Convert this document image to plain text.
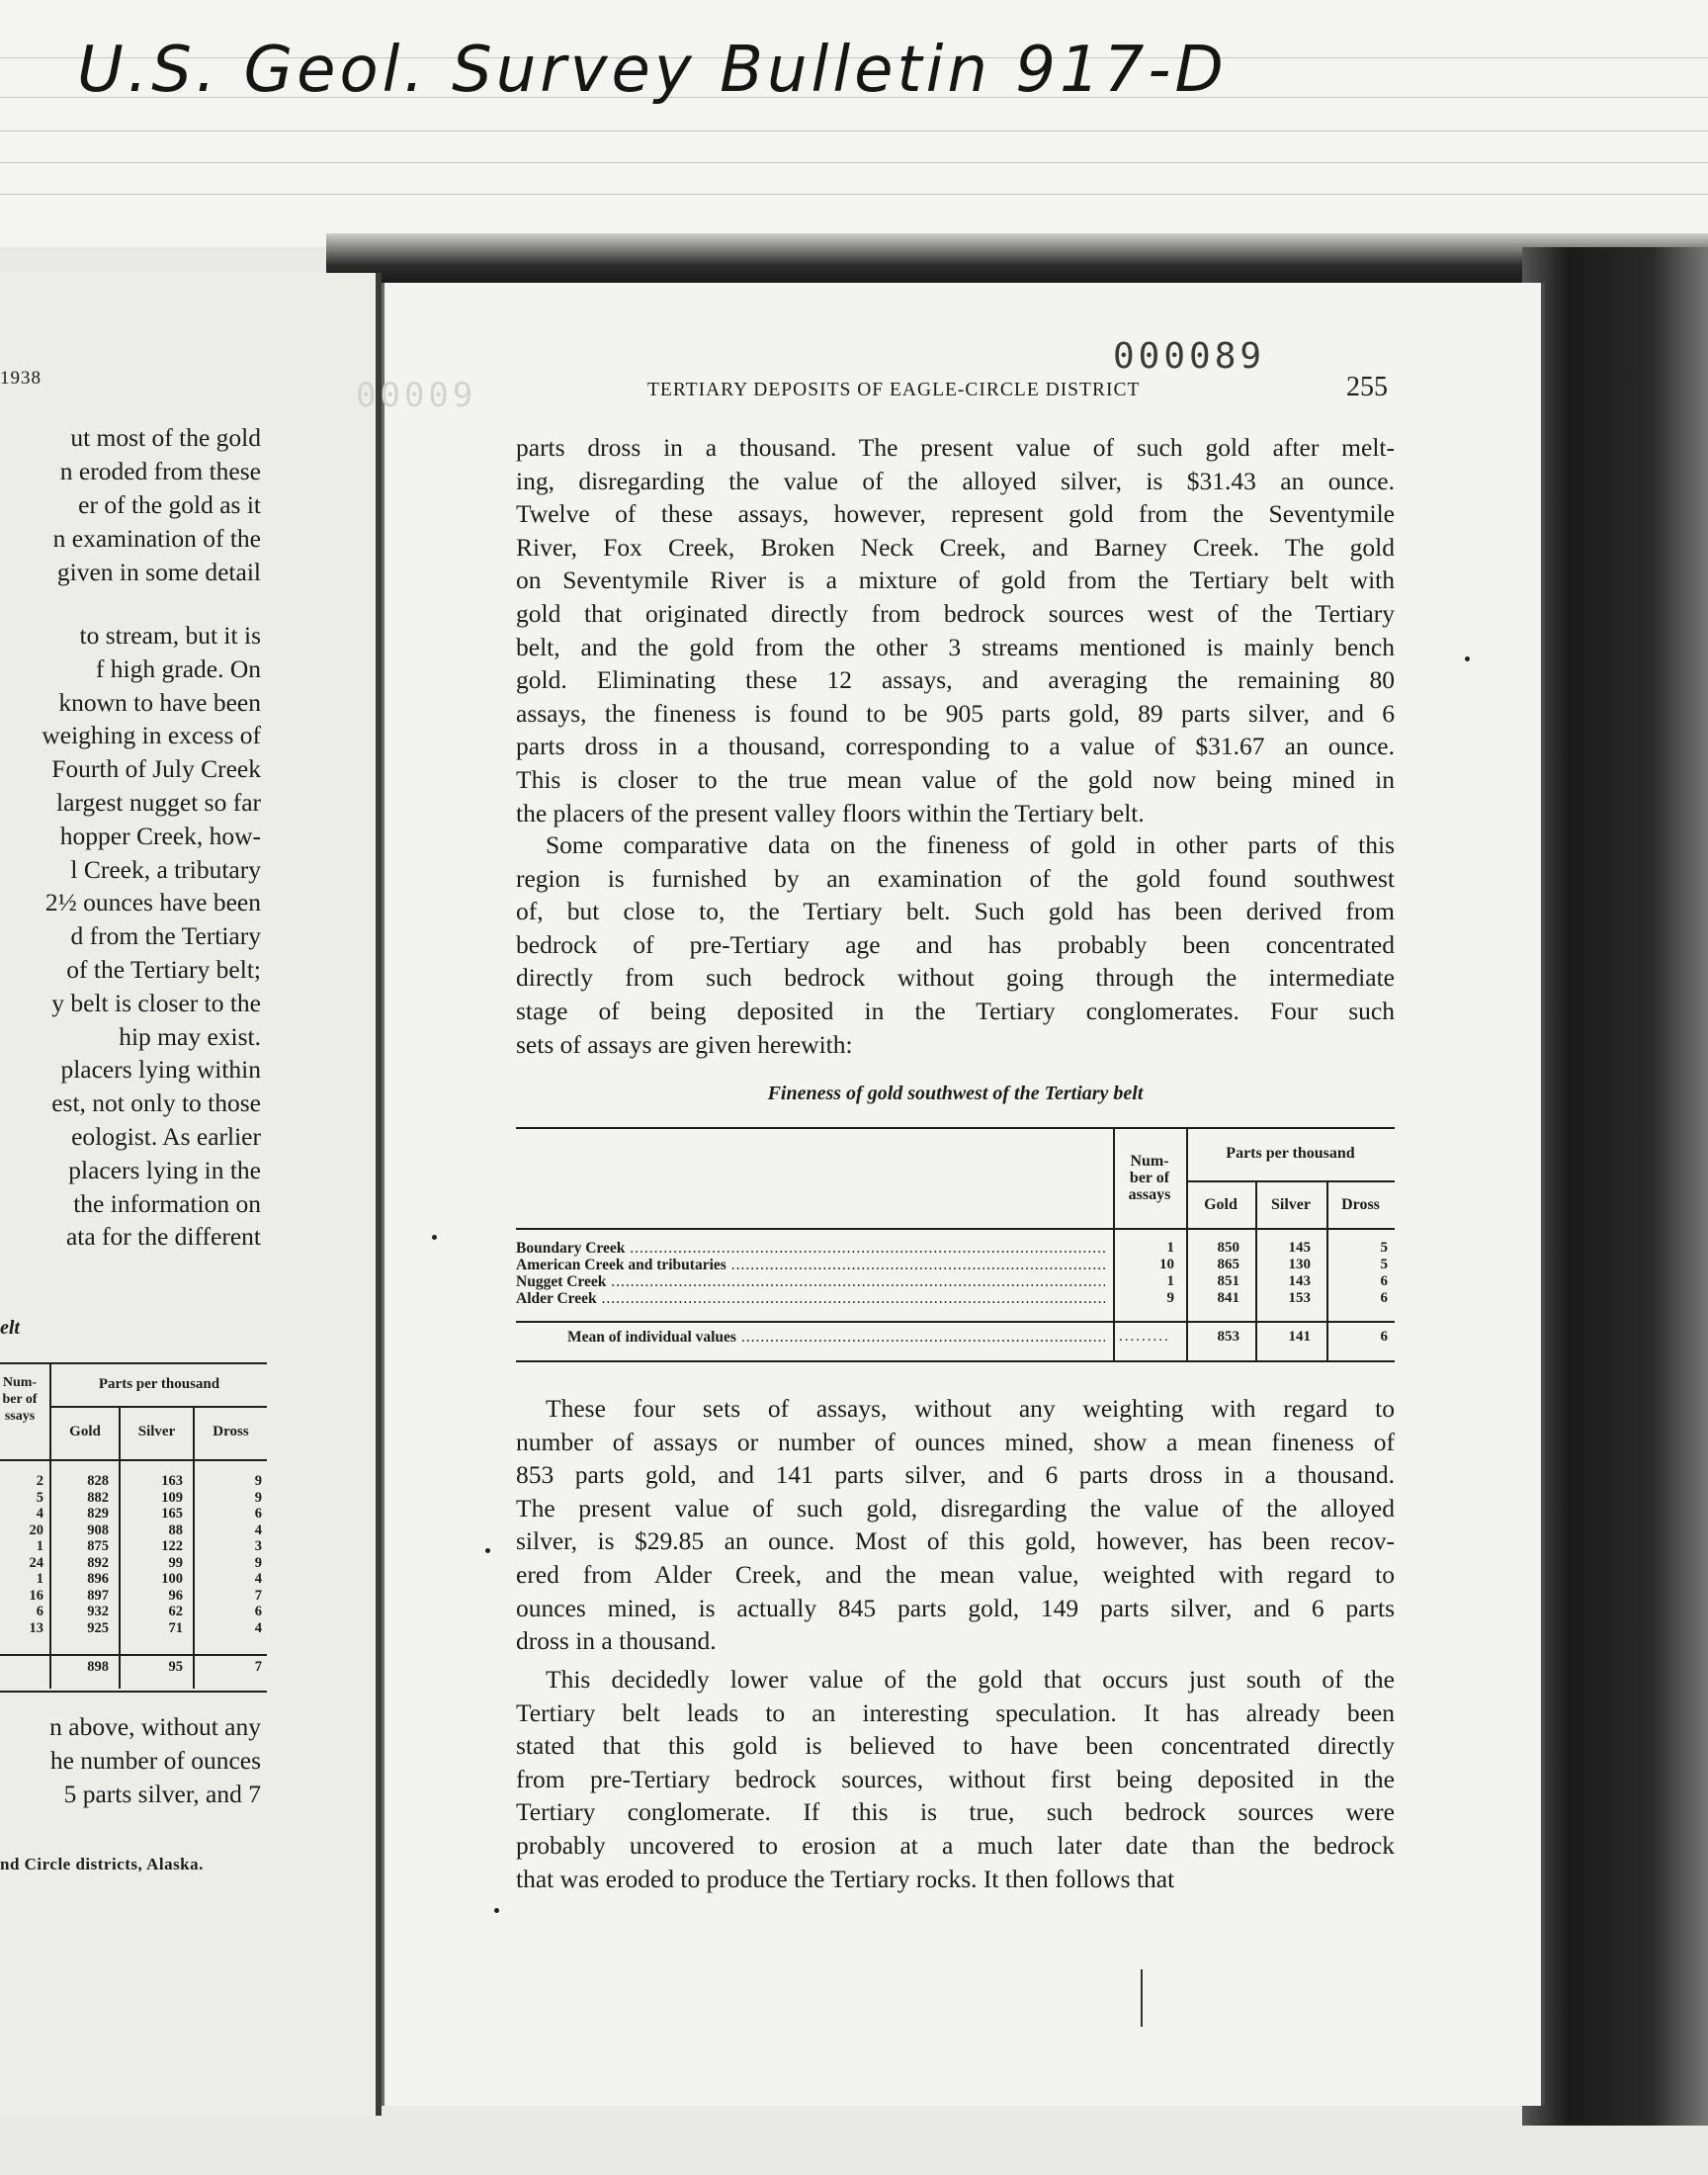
U.S. Geol. Survey Bulletin 917-D
1938
ut most of the gold
n eroded from these
er of the gold as it
n examination of the
given in some detail
to stream, but it is
f high grade. On
known to have been
weighing in excess of
Fourth of July Creek
largest nugget so far
hopper Creek, how-
l Creek, a tributary
2½ ounces have been
d from the Tertiary
of the Tertiary belt;
y belt is closer to the
hip may exist.
placers lying within
est, not only to those
eologist. As earlier
placers lying in the
the information on
ata for the different
elt
Num-
ber of
ssays
Parts per thousand
Gold	Silver	Dross
2	828	163	9
5	882	109	9
4	829	165	6
20	908	88	4
1	875	122	3
24	892	99	9
1	896	100	4
16	897	96	7
6	932	62	6
13	925	71	4
898	95	7
n above, without any
he number of ounces
5 parts silver, and 7
nd Circle districts, Alaska.
00009
000089
TERTIARY DEPOSITS OF EAGLE-CIRCLE DISTRICT	255
parts dross in a thousand. The present value of such gold after melt-
ing, disregarding the value of the alloyed silver, is $31.43 an ounce.
Twelve of these assays, however, represent gold from the Seventymile
River, Fox Creek, Broken Neck Creek, and Barney Creek. The gold
on Seventymile River is a mixture of gold from the Tertiary belt with
gold that originated directly from bedrock sources west of the Tertiary
belt, and the gold from the other 3 streams mentioned is mainly bench
gold. Eliminating these 12 assays, and averaging the remaining 80
assays, the fineness is found to be 905 parts gold, 89 parts silver, and 6
parts dross in a thousand, corresponding to a value of $31.67 an ounce.
This is closer to the true mean value of the gold now being mined in
the placers of the present valley floors within the Tertiary belt.
Some comparative data on the fineness of gold in other parts of this
region is furnished by an examination of the gold found southwest
of, but close to, the Tertiary belt. Such gold has been derived from
bedrock of pre-Tertiary age and has probably been concentrated
directly from such bedrock without going through the intermediate
stage of being deposited in the Tertiary conglomerates. Four such
sets of assays are given herewith:
Fineness of gold southwest of the Tertiary belt
Num-
ber of
assays
Parts per thousand
Gold	Silver	Dross
Boundary Creek .....	1	850	145	5
American Creek and tributaries .....	10	865	130	5
Nugget Creek .....	1	851	143	6
Alder Creek .....	9	841	153	6
Mean of individual values .....	.........	853	141	6
These four sets of assays, without any weighting with regard to
number of assays or number of ounces mined, show a mean fineness of
853 parts gold, and 141 parts silver, and 6 parts dross in a thousand.
The present value of such gold, disregarding the value of the alloyed
silver, is $29.85 an ounce. Most of this gold, however, has been recov-
ered from Alder Creek, and the mean value, weighted with regard to
ounces mined, is actually 845 parts gold, 149 parts silver, and 6 parts
dross in a thousand.
This decidedly lower value of the gold that occurs just south of the
Tertiary belt leads to an interesting speculation. It has already been
stated that this gold is believed to have been concentrated directly
from pre-Tertiary bedrock sources, without first being deposited in the
Tertiary conglomerate. If this is true, such bedrock sources were
probably uncovered to erosion at a much later date than the bedrock
that was eroded to produce the Tertiary rocks. It then follows that
